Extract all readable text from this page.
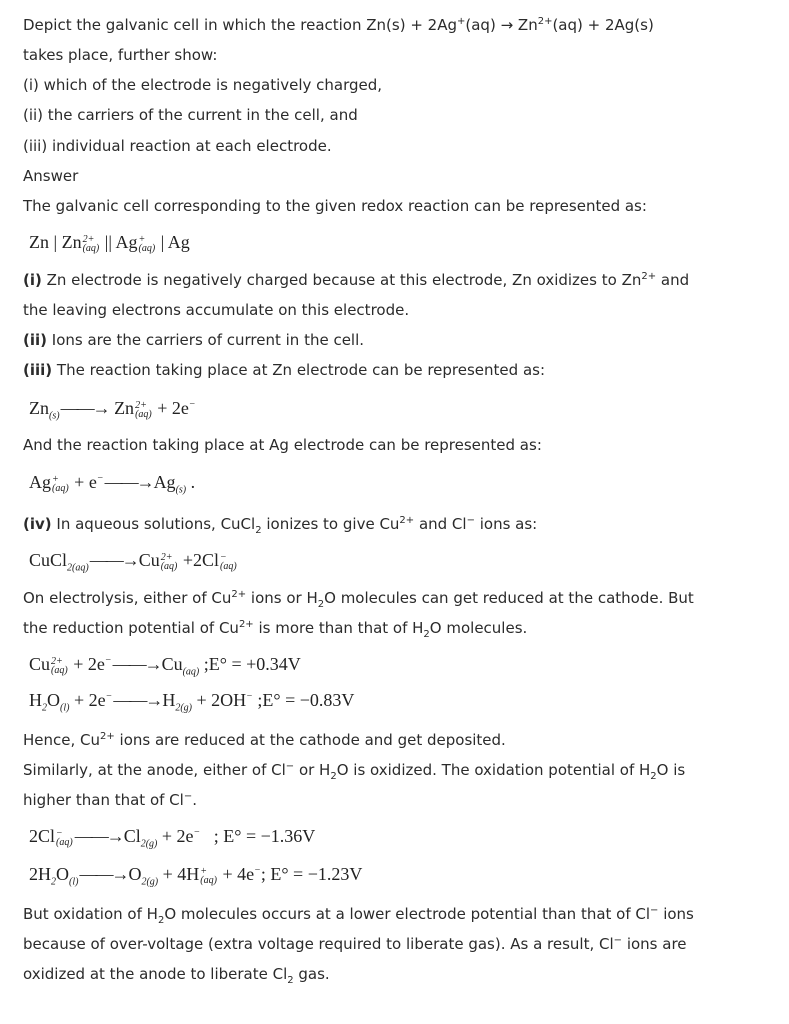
Depict the galvanic cell in which the reaction $Zn(s) + 2Ag^+(aq) \to Zn^{2+}(aq) + 2Ag(s)$
takes place, further show:
(i) which of the electrode is negatively charged,
(ii) the carriers of the current in the cell, and
(iii) individual reaction at each electrode.
Answer
The galvanic cell corresponding to the given redox reaction can be represented as:
Zn | Zn 2+
(aq) || Ag +
(aq) | Ag
(i) Zn electrode is negatively charged because at this electrode, Zn oxidizes to $Zn^{2+}$ and
the leaving electrons accumulate on this electrode.
(ii) Ions are the carriers of current in the cell.
(iii) The reaction taking place at Zn electrode can be represented as:
$Zn_{(s)}——\to Zn$ 2+
(aq) + 2e−
And the reaction taking place at Ag electrode can be represented as:
Ag +
$(aq) + e^-——\to Ag_{(s)}$ .
(iv) In aqueous solutions, CuCl$_2$ ionizes to give $Cu^{2+}$ and Cl− ions as:
CuCl$_{2(aq)}$——→Cu 2+
(aq) +2Cl −
(aq)
On electrolysis, either of $Cu^{2+}$ ions or $H_2O$ molecules can get reduced at the cathode. But
the reduction potential of $Cu^{2+}$ is more than that of $H_2O$ molecules.
Cu 2+
$(aq) + 2e^-——\to Cu_{(aq)}$ ;E° = +0.34V
$H_2O_{(l)}$ + $2e^-——\to H_{2(g)} + 2OH^-$ ;E° = −0.83V
Hence, $Cu^{2+}$ ions are reduced at the cathode and get deposited.
Similarly, at the anode, either of Cl− or $H_2O$ is oxidized. The oxidation potential of $H_2O$ is
higher than that of Cl−.
2Cl −
(aq) $——\to Cl_{2(g)} + 2e^-$   ; E° = −1.36V
$2H_2O_{(l)}——\to O_{2(g)} + 4H$ +
(aq) + 4e−; E° = −1.23V
But oxidation of $H_2O$ molecules occurs at a lower electrode potential than that of Cl− ions
because of over-voltage (extra voltage required to liberate gas). As a result, Cl− ions are
oxidized at the anode to liberate $Cl_2$ gas.
